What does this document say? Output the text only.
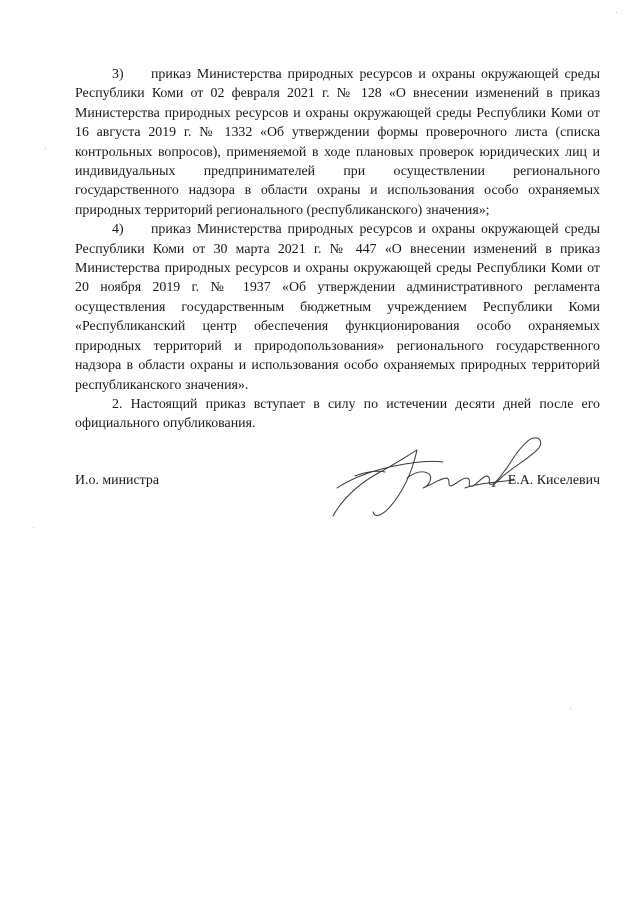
3) приказ Министерства природных ресурсов и охраны окружающей среды Республики Коми от 02 февраля 2021 г. № 128 «О внесении изменений в приказ Министерства природных ресурсов и охраны окружающей среды Республики Коми от 16 августа 2019 г. № 1332 «Об утверждении формы проверочного листа (списка контрольных вопросов), применяемой в ходе плановых проверок юридических лиц и индивидуальных предпринимателей при осуществлении регионального государственного надзора в области охраны и использования особо охраняемых природных территорий регионального (республиканского) значения»;

4) приказ Министерства природных ресурсов и охраны окружающей среды Республики Коми от 30 марта 2021 г. № 447 «О внесении изменений в приказ Министерства природных ресурсов и охраны окружающей среды Республики Коми от 20 ноября 2019 г. № 1937 «Об утверждении административного регламента осуществления государственным бюджетным учреждением Республики Коми «Республиканский центр обеспечения функционирования особо охраняемых природных территорий и природопользования» регионального государственного надзора в области охраны и использования особо охраняемых природных территорий республиканского значения».

2. Настоящий приказ вступает в силу по истечении десяти дней после его официального опубликования.

И.о. министра	Е.А. Киселевич
